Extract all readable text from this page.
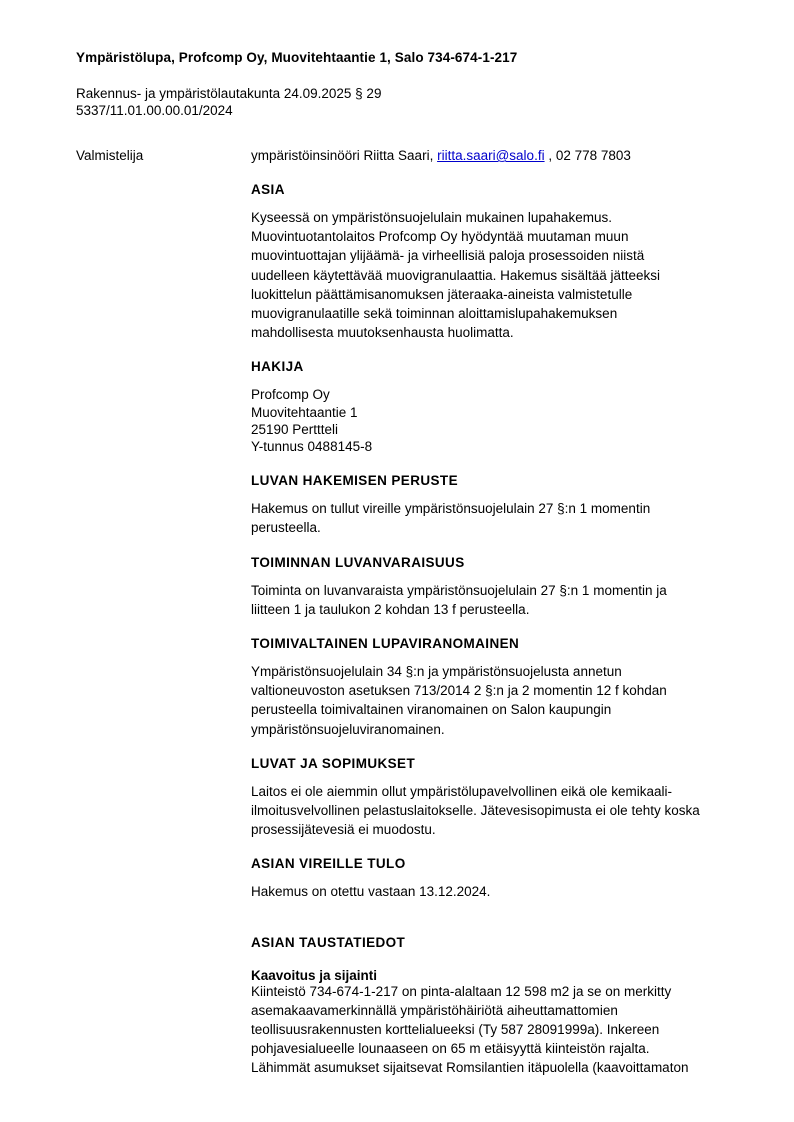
Ympäristölupa, Profcomp Oy, Muovitehtaantie 1, Salo 734-674-1-217
Rakennus- ja ympäristölautakunta 24.09.2025 § 29
5337/11.01.00.00.01/2024
Valmistelija	ympäristöinsinööri Riitta Saari, riitta.saari@salo.fi , 02 778 7803
ASIA
Kyseessä on ympäristönsuojelulain mukainen lupahakemus.
Muovintuotantolaitos Profcomp Oy hyödyntää muutaman muun
muovintuottajan ylijäämä- ja virheellisiä paloja prosessoiden niistä
uudelleen käytettävää muovigranulaattia. Hakemus sisältää jätteeksi
luokittelun päättämisanomuksen jäteraaka-aineista valmistetulle
muovigranulaatille sekä toiminnan aloittamislupahakemuksen
mahdollisesta muutoksenhausta huolimatta.
HAKIJA
Profcomp Oy
Muovitehtaantie 1
25190 Perttteli
Y-tunnus 0488145-8
LUVAN HAKEMISEN PERUSTE
Hakemus on tullut vireille ympäristönsuojelulain 27 §:n 1 momentin
perusteella.
TOIMINNAN LUVANVARAISUUS
Toiminta on luvanvaraista ympäristönsuojelulain 27 §:n 1 momentin ja
liitteen 1 ja taulukon 2 kohdan 13 f perusteella.
TOIMIVALTAINEN LUPAVIRANOMAINEN
Ympäristönsuojelulain 34 §:n ja ympäristönsuojelusta annetun
valtioneuvoston asetuksen 713/2014 2 §:n ja 2 momentin 12 f kohdan
perusteella toimivaltainen viranomainen on Salon kaupungin
ympäristönsuojeluviranomainen.
LUVAT JA SOPIMUKSET
Laitos ei ole aiemmin ollut ympäristölupavelvollinen eikä ole kemikaali-
ilmoitusvelvollinen pelastuslaitokselle. Jätevesisopimusta ei ole tehty koska
prosessijätevesiä ei muodostu.
ASIAN VIREILLE TULO
Hakemus on otettu vastaan 13.12.2024.
ASIAN TAUSTATIEDOT
Kaavoitus ja sijainti
Kiinteistö 734-674-1-217 on pinta-alaltaan 12 598 m2 ja se on merkitty
asemakaavamerkinnällä ympäristöhäiriötä aiheuttamattomien
teollisuusrakennusten korttelialueeksi (Ty 587 28091999a). Inkereen
pohjavesialueelle lounaaseen on 65 m etäisyyttä kiinteistön rajalta.
Lähimmät asumukset sijaitsevat Romsilantien itäpuolella (kaavoittamaton
